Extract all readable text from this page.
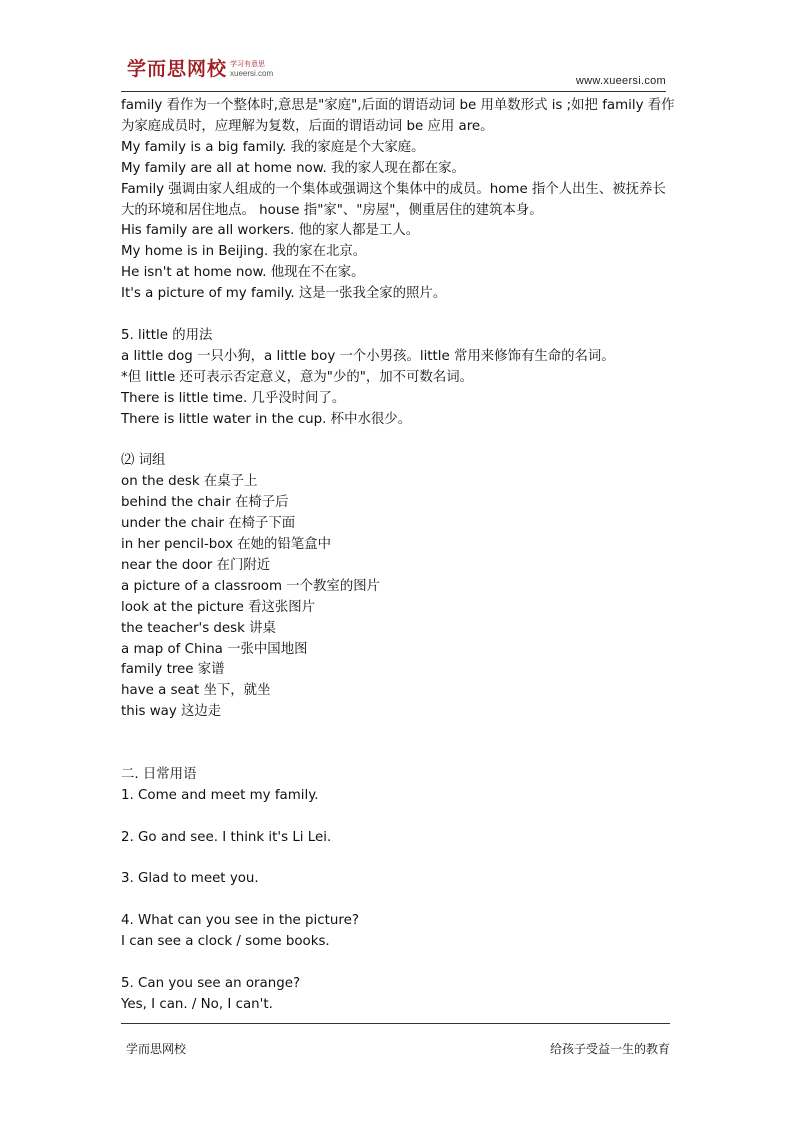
学而思网校 学习有意思
xueersi.com
www.xueersi.com
family 看作为一个整体时,意思是"家庭",后面的谓语动词 be 用单数形式 is ;如把 family 看作为家庭成员时，应理解为复数，后面的谓语动词 be 应用 are。
My family is a big family. 我的家庭是个大家庭。
My family are all at home now. 我的家人现在都在家。
Family 强调由家人组成的一个集体或强调这个集体中的成员。home 指个人出生、被抚养长大的环境和居住地点。 house 指"家"、"房屋"，侧重居住的建筑本身。
His family are all workers. 他的家人都是工人。
My home is in Beijing. 我的家在北京。
He isn't at home now. 他现在不在家。
It's a picture of my family. 这是一张我全家的照片。
5. little 的用法
a little dog 一只小狗，a little boy 一个小男孩。little 常用来修饰有生命的名词。
*但 little 还可表示否定意义，意为"少的"，加不可数名词。
There is little time. 几乎没时间了。
There is little water in the cup. 杯中水很少。
⑵ 词组
on the desk 在桌子上
behind the chair 在椅子后
under the chair 在椅子下面
in her pencil-box 在她的铅笔盒中
near the door 在门附近
a picture of a classroom 一个教室的图片
look at the picture 看这张图片
the teacher's desk 讲桌
a map of China 一张中国地图
family tree 家谱
have a seat 坐下，就坐
this way 这边走
二. 日常用语
1. Come and meet my family.
2. Go and see. I think it's Li Lei.
3. Glad to meet you.
4. What can you see in the picture?
I can see a clock / some books.
5. Can you see an orange?
Yes, I can. / No, I can't.
学而思网校	给孩子受益一生的教育
